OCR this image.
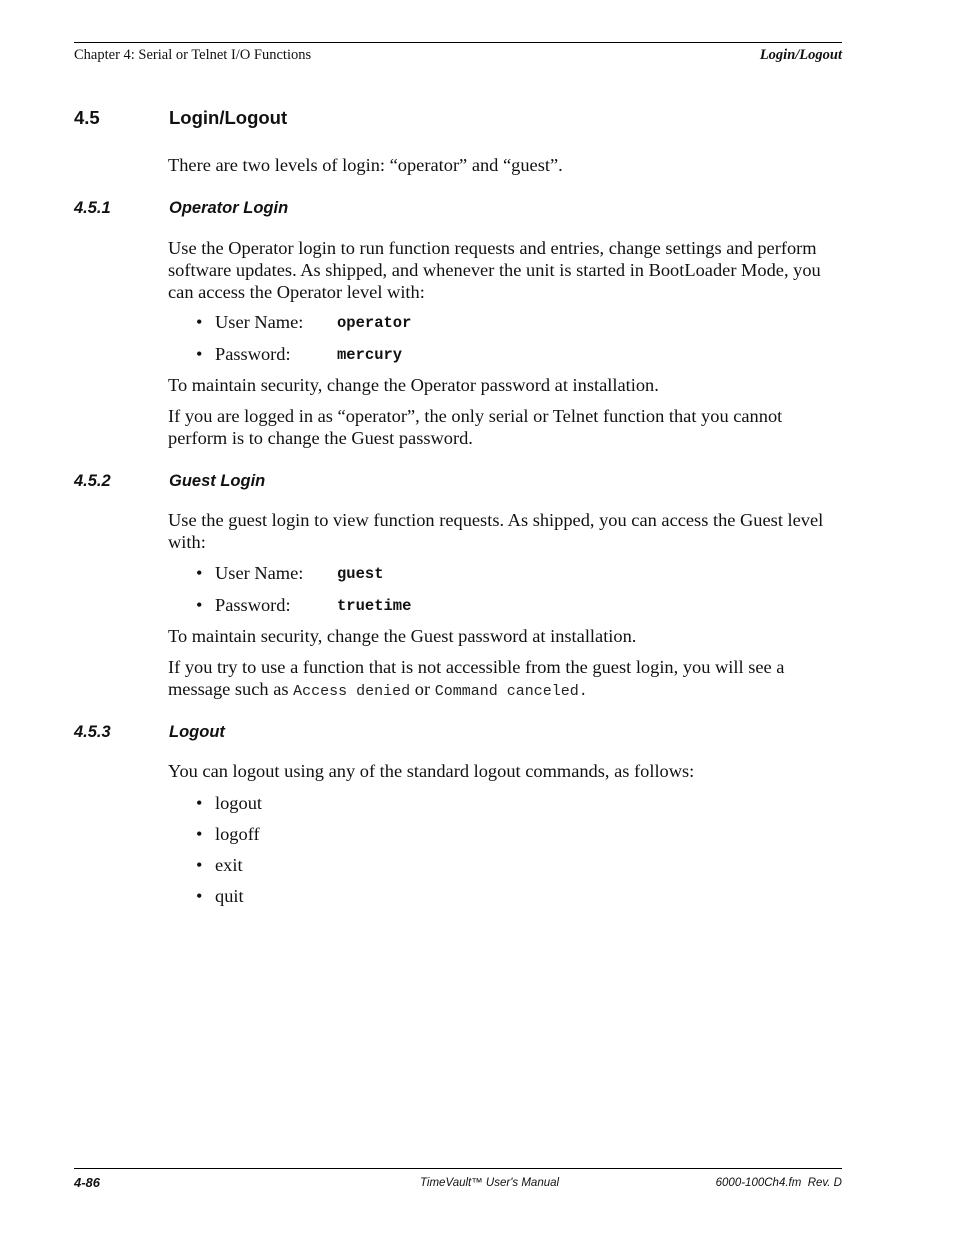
Chapter 4: Serial or Telnet I/O Functions	Login/Logout
4.5	Login/Logout
There are two levels of login: “operator” and “guest”.
4.5.1	Operator Login
Use the Operator login to run function requests and entries, change settings and perform software updates. As shipped, and whenever the unit is started in BootLoader Mode, you can access the Operator level with:
• User Name: operator
• Password:	mercury
To maintain security, change the Operator password at installation.
If you are logged in as “operator”, the only serial or Telnet function that you cannot perform is to change the Guest password.
4.5.2	Guest Login
Use the guest login to view function requests. As shipped, you can access the Guest level with:
• User Name: guest
• Password:	truetime
To maintain security, change the Guest password at installation.
If you try to use a function that is not accessible from the guest login, you will see a message such as Access denied or Command canceled.
4.5.3	Logout
You can logout using any of the standard logout commands, as follows:
• logout
• logoff
• exit
• quit
4-86	TimeVault™ User's Manual	6000-100Ch4.fm  Rev. D
